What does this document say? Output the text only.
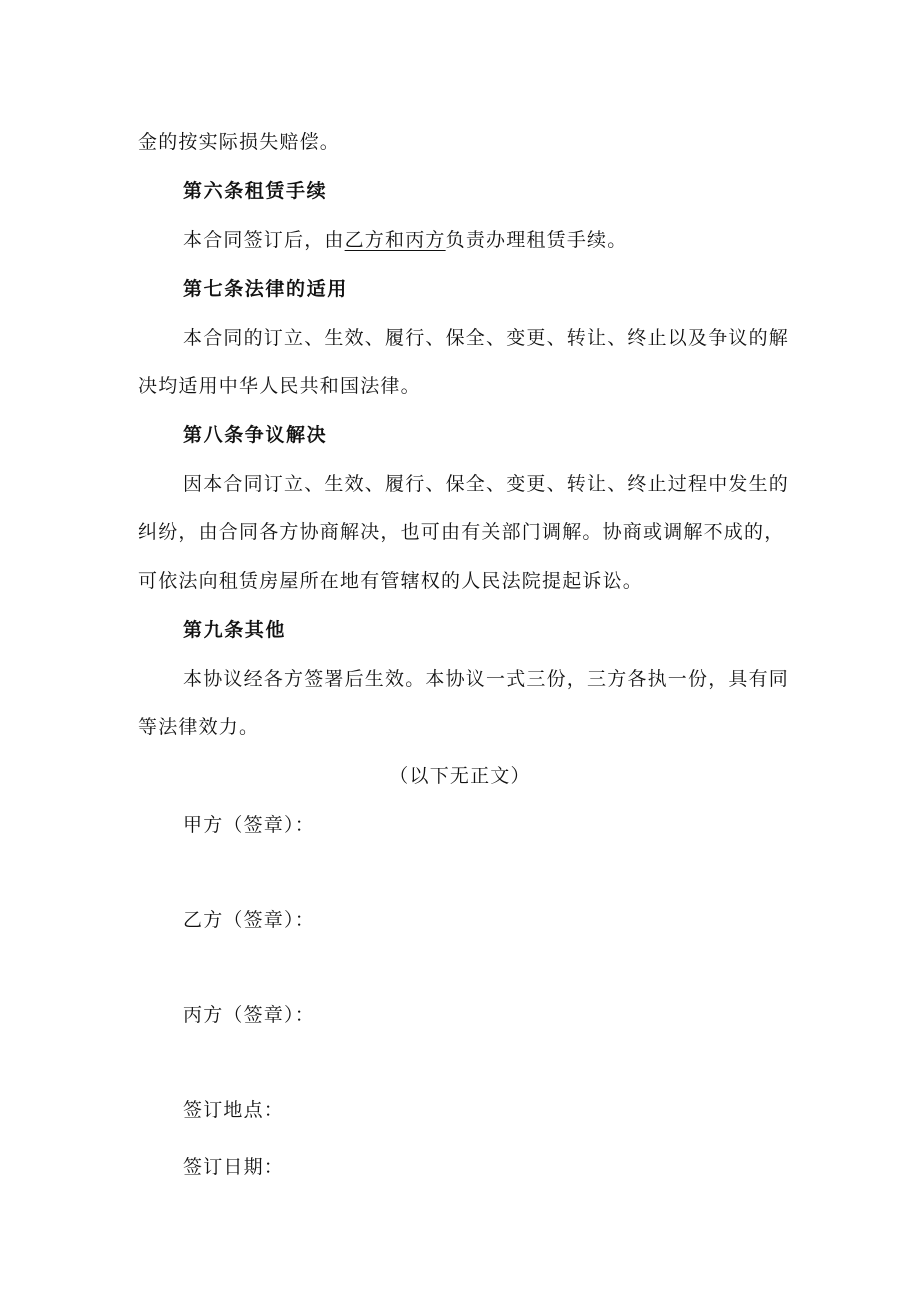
金的按实际损失赔偿。
第六条租赁手续
本合同签订后，由乙方和丙方负责办理租赁手续。
第七条法律的适用
本合同的订立、生效、履行、保全、变更、转让、终止以及争议的解
决均适用中华人民共和国法律。
第八条争议解决
因本合同订立、生效、履行、保全、变更、转让、终止过程中发生的
纠纷，由合同各方协商解决，也可由有关部门调解。协商或调解不成的，
可依法向租赁房屋所在地有管辖权的人民法院提起诉讼。
第九条其他
本协议经各方签署后生效。本协议一式三份，三方各执一份，具有同
等法律效力。
（以下无正文）
甲方（签章）：
乙方（签章）：
丙方（签章）：
签订地点：
签订日期：
